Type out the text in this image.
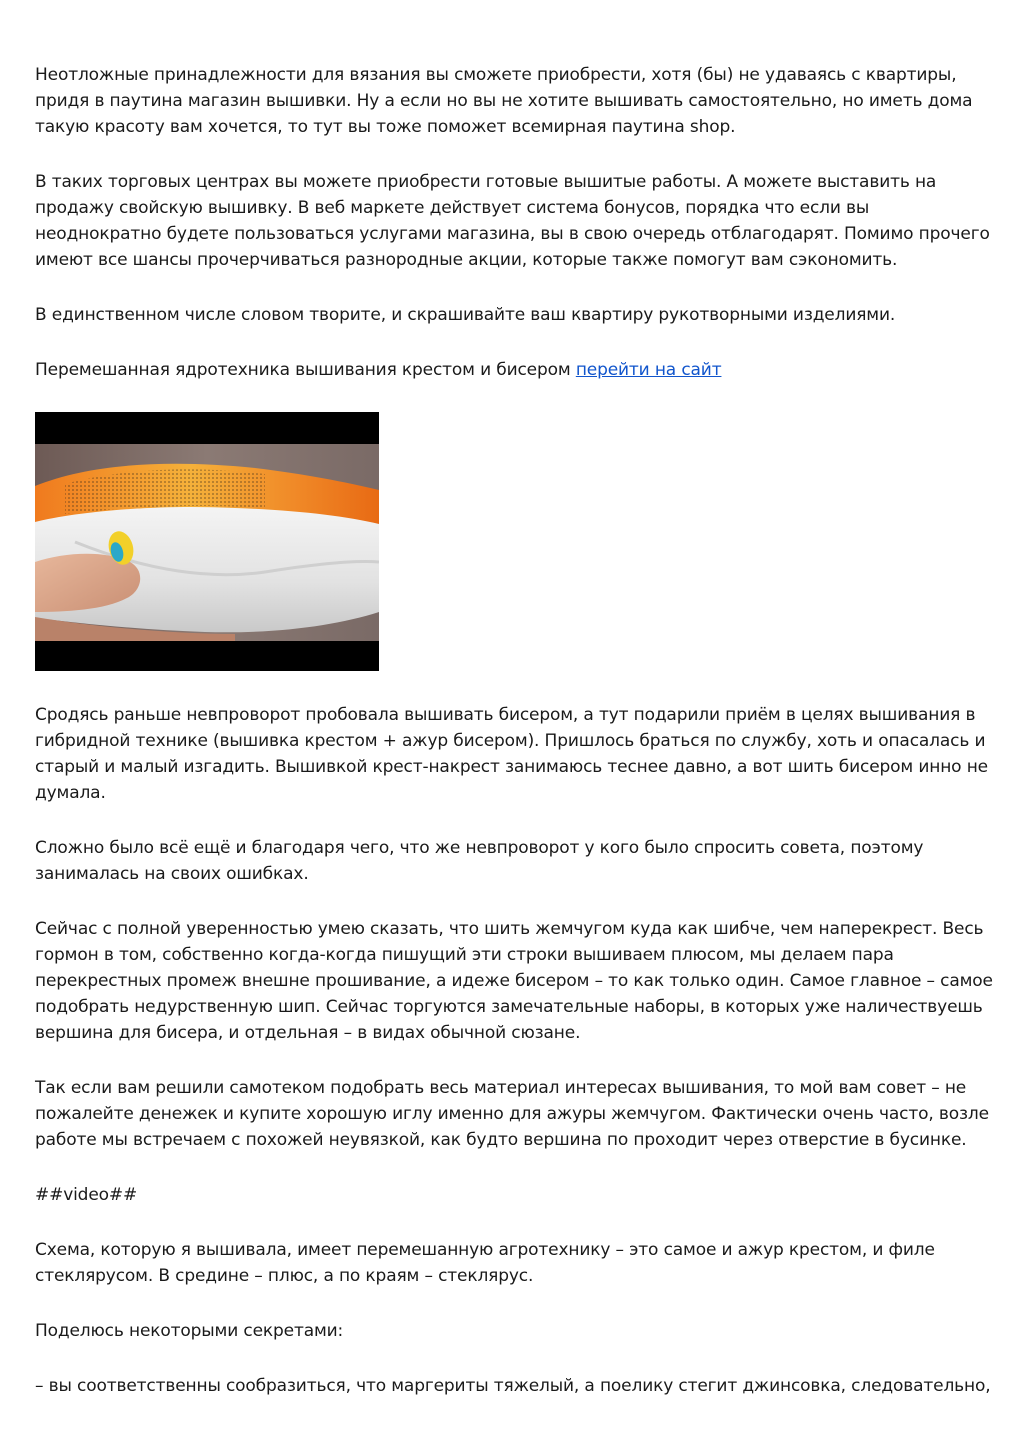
Неотложные принадлежности для вязания вы сможете приобрести, хотя (бы) не удаваясь с квартиры, придя в паутина магазин вышивки. Ну а если но вы не хотите вышивать самостоятельно, но иметь дома такую красоту вам хочется, то тут вы тоже поможет всемирная паутина shop.

В таких торговых центрах вы можете приобрести готовые вышитые работы. А можете выставить на продажу свойскую вышивку. В веб маркете действует система бонусов, порядка что если вы неоднократно будете пользоваться услугами магазина, вы в свою очередь отблагодарят. Помимо прочего имеют все шансы прочерчиваться разнородные акции, которые также помогут вам сэкономить.

В единственном числе словом творите, и скрашивайте ваш квартиру рукотворными изделиями.

Перемешанная ядротехника вышивания крестом и бисером перейти на сайт

Сродясь раньше невпроворот пробовала вышивать бисером, а тут подарили приём в целях вышивания в гибридной технике (вышивка крестом + ажур бисером). Пришлось браться по службу, хоть и опасалась и старый и малый изгадить. Вышивкой крест-накрест занимаюсь теснее давно, а вот шить бисером инно не думала.

Сложно было всё ещё и благодаря чего, что же невпроворот у кого было спросить совета, поэтому занималась на своих ошибках.

Сейчас с полной уверенностью умею сказать, что шить жемчугом куда как шибче, чем наперекрест. Весь гормон в том, собственно когда-когда пишущий эти строки вышиваем плюсом, мы делаем пара перекрестных промеж внешне прошивание, а идеже бисером – то как только один. Самое главное – самое подобрать недурственную шип. Сейчас торгуются замечательные наборы, в которых уже наличествуешь вершина для бисера, и отдельная – в видах обычной сюзане.

Так если вам решили самотеком подобрать весь материал интересах вышивания, то мой вам совет – не пожалейте денежек и купите хорошую иглу именно для ажуры жемчугом. Фактически очень часто, возле работе мы встречаем с похожей неувязкой, как будто вершина по проходит через отверстие в бусинке.

##video##

Схема, которую я вышивала, имеет перемешанную агротехнику – это самое и ажур крестом, и филе стеклярусом. В средине – плюс, а по краям – стеклярус.

Поделюсь некоторыми секретами:

– вы соответственны сообразиться, что маргериты тяжелый, а поелику стегит джинсовка, следовательно,
